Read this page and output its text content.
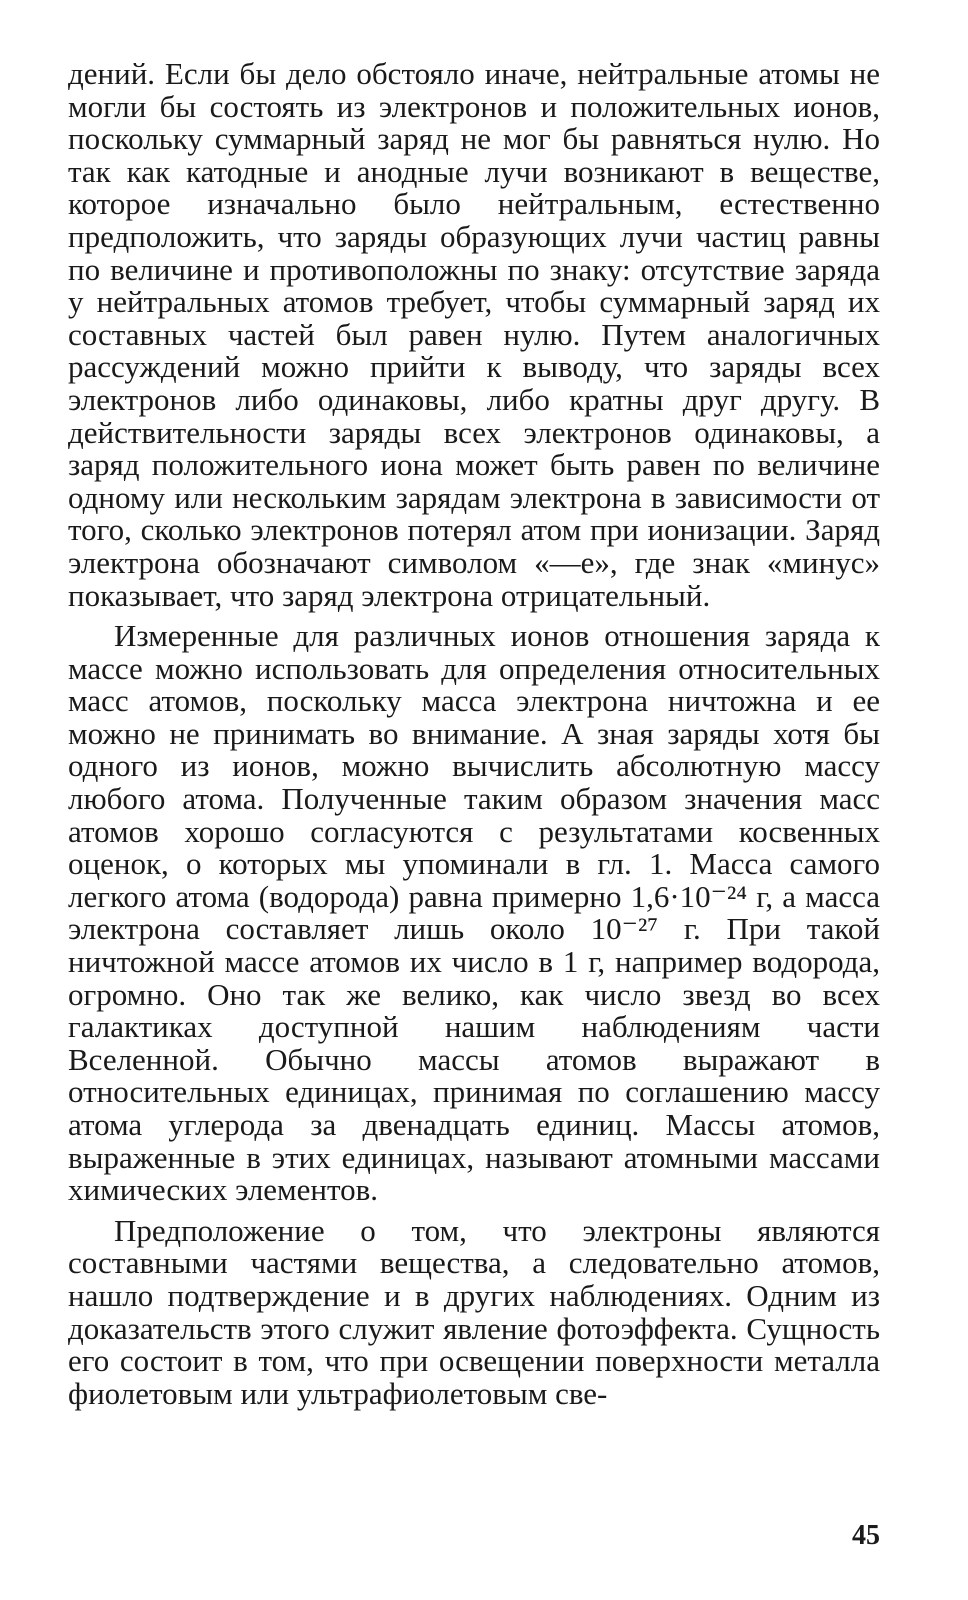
дений. Если бы дело обстояло иначе, нейтральные атомы не могли бы состоять из электронов и положительных ионов, поскольку суммарный заряд не мог бы равняться нулю. Но так как катодные и анодные лучи возникают в веществе, которое изначально было нейтральным, естественно предположить, что заряды образующих лучи частиц равны по величине и противоположны по знаку: отсутствие заряда у нейтральных атомов требует, чтобы суммарный заряд их составных частей был равен нулю. Путем аналогичных рассуждений можно прийти к выводу, что заряды всех электронов либо одинаковы, либо кратны друг другу. В действительности заряды всех электронов одинаковы, а заряд положительного иона может быть равен по величине одному или нескольким зарядам электрона в зависимости от того, сколько электронов потерял атом при ионизации. Заряд электрона обозначают символом «—e», где знак «минус» показывает, что заряд электрона отрицательный.

Измеренные для различных ионов отношения заряда к массе можно использовать для определения относительных масс атомов, поскольку масса электрона ничтожна и ее можно не принимать во внимание. А зная заряды хотя бы одного из ионов, можно вычислить абсолютную массу любого атома. Полученные таким образом значения масс атомов хорошо согласуются с результатами косвенных оценок, о которых мы упоминали в гл. 1. Масса самого легкого атома (водорода) равна примерно 1,6·10⁻²⁴ г, а масса электрона составляет лишь около 10⁻²⁷ г. При такой ничтожной массе атомов их число в 1 г, например водорода, огромно. Оно так же велико, как число звезд во всех галактиках доступной нашим наблюдениям части Вселенной. Обычно массы атомов выражают в относительных единицах, принимая по соглашению массу атома углерода за двенадцать единиц. Массы атомов, выраженные в этих единицах, называют атомными массами химических элементов.

Предположение о том, что электроны являются составными частями вещества, а следовательно атомов, нашло подтверждение и в других наблюдениях. Одним из доказательств этого служит явление фотоэффекта. Сущность его состоит в том, что при освещении поверхности металла фиолетовым или ультрафиолетовым све-

45
